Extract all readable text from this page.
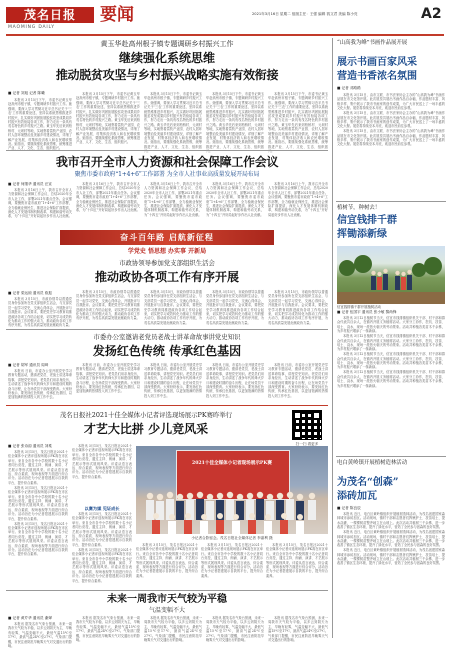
茂名日报
MAOMING DAILY
要闻	2021年3月16日 星期二 组版主任：王强 编辑 钱文君 美编 陈小亮	A2
黄玉华赴高州根子镇专题调研乡村振兴工作
继续强化系统思维
推动脱贫攻坚与乡村振兴战略实施有效衔接
■ 记者 刘旭 记者 陈曦

本报讯 3月15日下午，市委书记黄玉华赴高州市根子镇，专题调研乡村振兴工作。她强调，要深入学习贯彻习近平总书记关于'三农'工作的重要论述，坚持以系统思维推进乡村振兴，扎实做好巩固拓展脱贫攻坚成果同乡村振兴有效衔接各项工作，努力走出一条具有茂名特色的乡村振兴之路。黄玉华先后来到柏桥村、元坝村等地，实地察看荔枝产业园、农村人居环境整治及美丽乡村建设情况，详细了解产业发展、村集体经济收入和农民增收情况。她指出，要继续强化系统思维，统筹推进产业、人才、文化、生态、组织振兴。

本报讯 3月15日下午，市委书记黄玉华赴高州市根子镇，专题调研乡村振兴工作。她强调，要深入学习贯彻习近平总书记关于'三农'工作的重要论述，坚持以系统思维推进乡村振兴，扎实做好巩固拓展脱贫攻坚成果同乡村振兴有效衔接各项工作，努力走出一条具有茂名特色的乡村振兴之路。黄玉华先后来到柏桥村、元坝村等地，实地察看荔枝产业园、农村人居环境整治及美丽乡村建设情况，详细了解产业发展、村集体经济收入和农民增收情况。她指出，要继续强化系统思维，统筹推进产业、人才、文化、生态、组织振兴。

本报讯 3月15日下午，市委书记黄玉华赴高州市根子镇，专题调研乡村振兴工作。她强调，要深入学习贯彻习近平总书记关于'三农'工作的重要论述，坚持以系统思维推进乡村振兴，扎实做好巩固拓展脱贫攻坚成果同乡村振兴有效衔接各项工作，努力走出一条具有茂名特色的乡村振兴之路。黄玉华先后来到柏桥村、元坝村等地，实地察看荔枝产业园、农村人居环境整治及美丽乡村建设情况，详细了解产业发展、村集体经济收入和农民增收情况。她指出，要继续强化系统思维，统筹推进产业、人才、文化、生态、组织振兴。

本报讯 3月15日下午，市委书记黄玉华赴高州市根子镇，专题调研乡村振兴工作。她强调，要深入学习贯彻习近平总书记关于'三农'工作的重要论述，坚持以系统思维推进乡村振兴，扎实做好巩固拓展脱贫攻坚成果同乡村振兴有效衔接各项工作，努力走出一条具有茂名特色的乡村振兴之路。黄玉华先后来到柏桥村、元坝村等地，实地察看荔枝产业园、农村人居环境整治及美丽乡村建设情况，详细了解产业发展、村集体经济收入和农民增收情况。她指出，要继续强化系统思维，统筹推进产业、人才、文化、生态、组织振兴。

本报讯 3月15日下午，市委书记黄玉华赴高州市根子镇，专题调研乡村振兴工作。她强调，要深入学习贯彻习近平总书记关于'三农'工作的重要论述，坚持以系统思维推进乡村振兴，扎实做好巩固拓展脱贫攻坚成果同乡村振兴有效衔接各项工作，努力走出一条具有茂名特色的乡村振兴之路。黄玉华先后来到柏桥村、元坝村等地，实地察看荔枝产业园、农村人居环境整治及美丽乡村建设情况，详细了解产业发展、村集体经济收入和农民增收情况。她指出，要继续强化系统思维，统筹推进产业、人才、文化、生态、组织振兴。

我市召开全市人力资源和社会保障工作会议
聚焦市委市政府“1+4+6”工作部署 为全市人社事业高质量发展开局布局
■ 记者 何继华 通讯员 汪宣

本报讯 3月16日上午，我市召开全市人力资源和社会保障工作会议，总结2020年全市人社工作，部署2021年重点任务。会议强调，要聚焦市委市政府“1+4+6”工作部署，全力稳就业保民生，推进社会保险扩面提质，深化人才发展体制机制改革，构建和谐劳动关系，为“十四五”开好局起好步作出人社贡献。

本报讯 3月16日上午，我市召开全市人力资源和社会保障工作会议，总结2020年全市人社工作，部署2021年重点任务。会议强调，要聚焦市委市政府“1+4+6”工作部署，全力稳就业保民生，推进社会保险扩面提质，深化人才发展体制机制改革，构建和谐劳动关系，为“十四五”开好局起好步作出人社贡献。

本报讯 3月16日上午，我市召开全市人力资源和社会保障工作会议，总结2020年全市人社工作，部署2021年重点任务。会议强调，要聚焦市委市政府“1+4+6”工作部署，全力稳就业保民生，推进社会保险扩面提质，深化人才发展体制机制改革，构建和谐劳动关系，为“十四五”开好局起好步作出人社贡献。

本报讯 3月16日上午，我市召开全市人力资源和社会保障工作会议，总结2020年全市人社工作，部署2021年重点任务。会议强调，要聚焦市委市政府“1+4+6”工作部署，全力稳就业保民生，推进社会保险扩面提质，深化人才发展体制机制改革，构建和谐劳动关系，为“十四五”开好局起好步作出人社贡献。

本报讯 3月16日上午，我市召开全市人力资源和社会保障工作会议，总结2020年全市人社工作，部署2021年重点任务。会议强调，要聚焦市委市政府“1+4+6”工作部署，全力稳就业保民生，推进社会保险扩面提质，深化人才发展体制机制改革，构建和谐劳动关系，为“十四五”开好局起好步作出人社贡献。

奋斗百年路 启航新征程
学党史 悟思想 办实事 开新局
市政协领导参加党支部组织生活会
推动政协各项工作有序开展
■ 记者 梁运琼 通讯员 欧振

本报讯 3月15日，市政协领导以普通党员身份参加所在党支部组织生活会，与支部党员一起学习党史，交流心得体会，开展批评与自我批评。会议要求，要把党史学习教育同推进政协各项工作结合起来，切实把学习成效转化为推动工作的强大动力，推动政协各项工作有序开展，为茂名高质量发展贡献政协力量。

本报讯 3月15日，市政协领导以普通党员身份参加所在党支部组织生活会，与支部党员一起学习党史，交流心得体会，开展批评与自我批评。会议要求，要把党史学习教育同推进政协各项工作结合起来，切实把学习成效转化为推动工作的强大动力，推动政协各项工作有序开展，为茂名高质量发展贡献政协力量。

本报讯 3月15日，市政协领导以普通党员身份参加所在党支部组织生活会，与支部党员一起学习党史，交流心得体会，开展批评与自我批评。会议要求，要把党史学习教育同推进政协各项工作结合起来，切实把学习成效转化为推动工作的强大动力，推动政协各项工作有序开展，为茂名高质量发展贡献政协力量。

本报讯 3月15日，市政协领导以普通党员身份参加所在党支部组织生活会，与支部党员一起学习党史，交流心得体会，开展批评与自我批评。会议要求，要把党史学习教育同推进政协各项工作结合起来，切实把学习成效转化为推动工作的强大动力，推动政协各项工作有序开展，为茂名高质量发展贡献政协力量。

本报讯 3月15日，市政协领导以普通党员身份参加所在党支部组织生活会，与支部党员一起学习党史，交流心得体会，开展批评与自我批评。会议要求，要把党史学习教育同推进政协各项工作结合起来，切实把学习成效转化为推动工作的强大动力，推动政协各项工作有序开展，为茂名高质量发展贡献政协力量。

市委办公室邀请老党员老战士讲革命故事讲党史知识
发扬红色传统 传承红色基因
■ 记者 胡军 通讯员 周琦

本报讯 日前，市委办公室开展党史学习教育专题活动，邀请老党员、老战士讲述革命故事，讲授党史知识。老党员们用亲身经历，生动讲述了战争年代的烽火岁月和建设时期的奋斗历程，让在场党员干部深受教育。大家纷纷表示，要发扬红色传统、传承红色基因，以更加饱满的热情投入到工作中去。

本报讯 日前，市委办公室开展党史学习教育专题活动，邀请老党员、老战士讲述革命故事，讲授党史知识。老党员们用亲身经历，生动讲述了战争年代的烽火岁月和建设时期的奋斗历程，让在场党员干部深受教育。大家纷纷表示，要发扬红色传统、传承红色基因，以更加饱满的热情投入到工作中去。

本报讯 日前，市委办公室开展党史学习教育专题活动，邀请老党员、老战士讲述革命故事，讲授党史知识。老党员们用亲身经历，生动讲述了战争年代的烽火岁月和建设时期的奋斗历程，让在场党员干部深受教育。大家纷纷表示，要发扬红色传统、传承红色基因，以更加饱满的热情投入到工作中去。

本报讯 日前，市委办公室开展党史学习教育专题活动，邀请老党员、老战士讲述革命故事，讲授党史知识。老党员们用亲身经历，生动讲述了战争年代的烽火岁月和建设时期的奋斗历程，让在场党员干部深受教育。大家纷纷表示，要发扬红色传统、传承红色基因，以更加饱满的热情投入到工作中去。

本报讯 日前，市委办公室开展党史学习教育专题活动，邀请老党员、老战士讲述革命故事，讲授党史知识。老党员们用亲身经历，生动讲述了战争年代的烽火岁月和建设时期的奋斗历程，让在场党员干部深受教育。大家纷纷表示，要发扬红色传统、传承红色基因，以更加饱满的热情投入到工作中去。

茂名日报社2021十佳全媒体小记者评选现场展示PK赛昨举行
才艺大比拼 少儿竞风采
扫一扫 看更多
■ 记者 张诗韵 通讯员 刘柔

本报讯 3月15日，茂名日报社2021十佳全媒体小记者评选现场展示PK赛在市区举行。来自全市各中小学校的数十名小记者同台竞技，通过主持、朗诵、演讲、才艺展示等形式展现风采。评委从语言表达、综合素质、现场表现等方面进行综合评分。活动旨在为小记者搭建展示自我的平台，提升综合素养。

本报讯 3月15日，茂名日报社2021十佳全媒体小记者评选现场展示PK赛在市区举行。来自全市各中小学校的数十名小记者同台竞技，通过主持、朗诵、演讲、才艺展示等形式展现风采。评委从语言表达、综合素质、现场表现等方面进行综合评分。活动旨在为小记者搭建展示自我的平台，提升综合素养。

本报讯 3月15日，茂名日报社2021十佳全媒体小记者评选现场展示PK赛在市区举行。来自全市各中小学校的数十名小记者同台竞技，通过主持、朗诵、演讲、才艺展示等形式展现风采。评委从语言表达、综合素质、现场表现等方面进行综合评分。活动旨在为小记者搭建展示自我的平台，提升综合素养。

本报讯 3月15日，茂名日报社2021十佳全媒体小记者评选现场展示PK赛在市区举行。来自全市各中小学校的数十名小记者同台竞技，通过主持、朗诵、演讲、才艺展示等形式展现风采。评委从语言表达、综合素质、现场表现等方面进行综合评分。活动旨在为小记者搭建展示自我的平台，提升综合素养。

以赛为媒 见证成长

本报讯 3月15日，茂名日报社2021十佳全媒体小记者评选现场展示PK赛在市区举行。来自全市各中小学校的数十名小记者同台竞技，通过主持、朗诵、演讲、才艺展示等形式展现风采。评委从语言表达、综合素质、现场表现等方面进行综合评分。活动旨在为小记者搭建展示自我的平台，提升综合素养。

本报讯 3月15日，茂名日报社2021十佳全媒体小记者评选现场展示PK赛在市区举行。来自全市各中小学校的数十名小记者同台竞技，通过主持、朗诵、演讲、才艺展示等形式展现风采。评委从语言表达、综合素质、现场表现等方面进行综合评分。活动旨在为小记者搭建展示自我的平台，提升综合素养。

2021十佳全媒体小记者现场展示PK赛
小记者合影留念。茂名日报社全媒体记者 李嘉利 摄

本报讯 3月15日，茂名日报社2021十佳全媒体小记者评选现场展示PK赛在市区举行。来自全市各中小学校的数十名小记者同台竞技，通过主持、朗诵、演讲、才艺展示等形式展现风采。评委从语言表达、综合素质、现场表现等方面进行综合评分。活动旨在为小记者搭建展示自我的平台，提升综合素养。

本报讯 3月15日，茂名日报社2021十佳全媒体小记者评选现场展示PK赛在市区举行。来自全市各中小学校的数十名小记者同台竞技，通过主持、朗诵、演讲、才艺展示等形式展现风采。评委从语言表达、综合素质、现场表现等方面进行综合评分。活动旨在为小记者搭建展示自我的平台，提升综合素养。

本报讯 3月15日，茂名日报社2021十佳全媒体小记者评选现场展示PK赛在市区举行。来自全市各中小学校的数十名小记者同台竞技，通过主持、朗诵、演讲、才艺展示等形式展现风采。评委从语言表达、综合素质、现场表现等方面进行综合评分。活动旨在为小记者搭建展示自我的平台，提升综合素养。

未来一周我市天气较为平稳
气温变幅不大
■ 记者 黄芹华 通讯员 谢婵

本报讯 据茂名市气象台预测，未来一周我市天气较为平稳，以多云到阴天为主，早晚有轻雾，气温变幅不大，最低气温15℃至17℃，最高气温24℃至27℃。气象部门提醒，市民注意防范早晚雾天气对交通出行的影响。

本报讯 据茂名市气象台预测，未来一周我市天气较为平稳，以多云到阴天为主，早晚有轻雾，气温变幅不大，最低气温15℃至17℃，最高气温24℃至27℃。气象部门提醒，市民注意防范早晚雾天气对交通出行的影响。

本报讯 据茂名市气象台预测，未来一周我市天气较为平稳，以多云到阴天为主，早晚有轻雾，气温变幅不大，最低气温15℃至17℃，最高气温24℃至27℃。气象部门提醒，市民注意防范早晚雾天气对交通出行的影响。

本报讯 据茂名市气象台预测，未来一周我市天气较为平稳，以多云到阴天为主，早晚有轻雾，气温变幅不大，最低气温15℃至17℃，最高气温24℃至27℃。气象部门提醒，市民注意防范早晚雾天气对交通出行的影响。

本报讯 据茂名市气象台预测，未来一周我市天气较为平稳，以多云到阴天为主，早晚有轻雾，气温变幅不大，最低气温15℃至17℃，最高气温24℃至27℃。气象部门提醒，市民注意防范早晚雾天气对交通出行的影响。

“山高我为峰”书画作品展开展
展示书画百家风采
营造书香浓名氛围
■ 记者 邓路路

本报讯 3月15日，由市文联、市书法家协会主办的“山高我为峰”书画作品展在市文化馆开展。此次展览共展出书画作品百余幅，作品题材丰富、风格多样，集中展示了我市书画家的创作成果，为广大市民送上了一场丰盛的文化大餐。展览将持续至本月底，欢迎市民前往参观。

本报讯 3月15日，由市文联、市书法家协会主办的“山高我为峰”书画作品展在市文化馆开展。此次展览共展出书画作品百余幅，作品题材丰富、风格多样，集中展示了我市书画家的创作成果，为广大市民送上了一场丰盛的文化大餐。展览将持续至本月底，欢迎市民前往参观。

本报讯 3月15日，由市文联、市书法家协会主办的“山高我为峰”书画作品展在市文化馆开展。此次展览共展出书画作品百余幅，作品题材丰富、风格多样，集中展示了我市书画家的创作成果，为广大市民送上了一场丰盛的文化大餐。展览将持续至本月底，欢迎市民前往参观。

植树节，种树去！
信宜钱排千群
挥锄添新绿
信宜钱排镇干群开展植树活动
■ 记者 伍国宇 通讯员 张小敏 黎尚锋

本报讯 3月12日植树节当天，信宜市钱排镇组织机关干部、村干部和群众代表共百余人，在镇内开展义务植树活动。大家分工协作，挖坑、扶苗、培土、浇水，现场一派热火朝天的劳动景象。活动共种植各类苗木千余株，为乡村振兴增添了一抹新绿。

本报讯 3月12日植树节当天，信宜市钱排镇组织机关干部、村干部和群众代表共百余人，在镇内开展义务植树活动。大家分工协作，挖坑、扶苗、培土、浇水，现场一派热火朝天的劳动景象。活动共种植各类苗木千余株，为乡村振兴增添了一抹新绿。

本报讯 3月12日植树节当天，信宜市钱排镇组织机关干部、村干部和群众代表共百余人，在镇内开展义务植树活动。大家分工协作，挖坑、扶苗、培土、浇水，现场一派热火朝天的劳动景象。活动共种植各类苗木千余株，为乡村振兴增添了一抹新绿。

本报讯 3月12日植树节当天，信宜市钱排镇组织机关干部、村干部和群众代表共百余人，在镇内开展义务植树活动。大家分工协作，挖坑、扶苗、培土、浇水，现场一派热火朝天的劳动景象。活动共种植各类苗木千余株，为乡村振兴增添了一抹新绿。

电白黄岭镇开展植树造林活动
为茂名“创森”
添砖加瓦
■ 记者 陈良辰

本报讯 近日，电白区黄岭镇组织开展植树造林活动，为茂名创建国家森林城市添砖加瓦。活动现场，镇村干部和志愿者们挥锹铲土、扶苗培土、提水浇灌，一棵棵树苗整齐地立在山坡上。此次活动共植树三千余株，进一步改善了镇区生态环境，提升了绿化水平，营造了全民参与创森的良好氛围。

本报讯 近日，电白区黄岭镇组织开展植树造林活动，为茂名创建国家森林城市添砖加瓦。活动现场，镇村干部和志愿者们挥锹铲土、扶苗培土、提水浇灌，一棵棵树苗整齐地立在山坡上。此次活动共植树三千余株，进一步改善了镇区生态环境，提升了绿化水平，营造了全民参与创森的良好氛围。

本报讯 近日，电白区黄岭镇组织开展植树造林活动，为茂名创建国家森林城市添砖加瓦。活动现场，镇村干部和志愿者们挥锹铲土、扶苗培土、提水浇灌，一棵棵树苗整齐地立在山坡上。此次活动共植树三千余株，进一步改善了镇区生态环境，提升了绿化水平，营造了全民参与创森的良好氛围。
